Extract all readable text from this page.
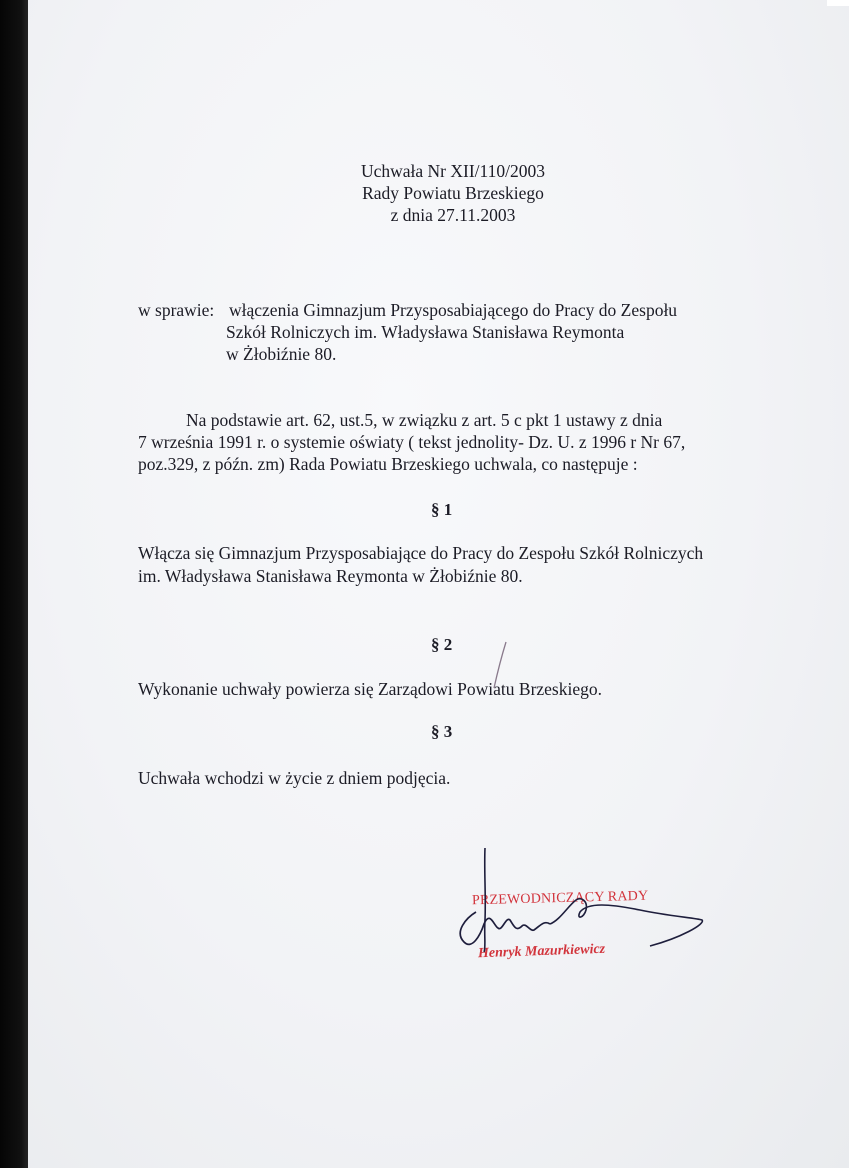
Uchwała Nr XII/110/2003
Rady Powiatu Brzeskiego
z dnia 27.11.2003
w sprawie: włączenia Gimnazjum Przysposabiającego do Pracy do Zespołu
Szkół Rolniczych im. Władysława Stanisława Reymonta
w Żłobiźnie 80.
Na podstawie art. 62, ust.5, w związku z art. 5 c pkt 1 ustawy z dnia
7 września 1991 r. o systemie oświaty ( tekst jednolity- Dz. U. z 1996 r Nr 67,
poz.329, z późn. zm) Rada Powiatu Brzeskiego uchwala, co następuje :
§ 1
Włącza się Gimnazjum Przysposabiające do Pracy do Zespołu Szkół Rolniczych
im. Władysława Stanisława Reymonta w Żłobiźnie 80.
§ 2
Wykonanie uchwały powierza się Zarządowi Powiatu Brzeskiego.
§ 3
Uchwała wchodzi w życie z dniem podjęcia.
PRZEWODNICZĄCY RADY
Henryk Mazurkiewicz
